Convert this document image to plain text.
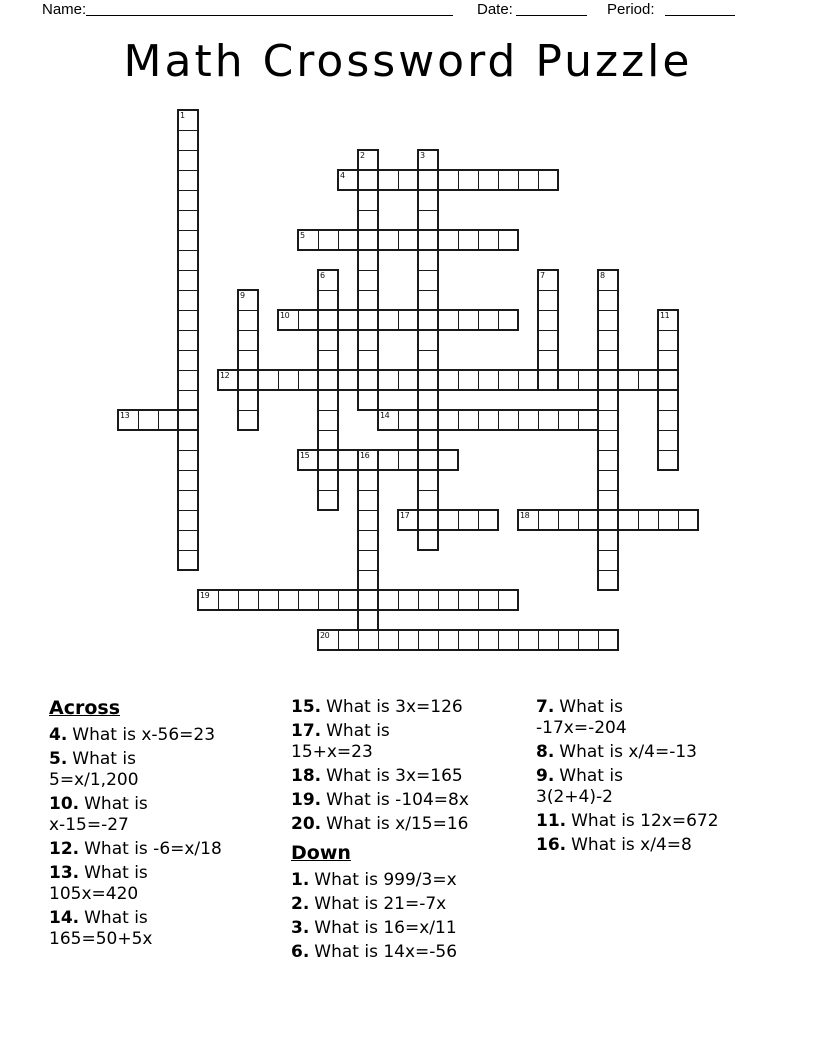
Name:	Date:	Period:
Math Crossword Puzzle
1
2	3
4
5
6	7	8
9
10	11
12
13	14
15	16
17	18
19
20
Across
4. What is x-56=23
5. What is
5=x/1,200
10. What is
x-15=-27
12. What is -6=x/18
13. What is
105x=420
14. What is
165=50+5x
15. What is 3x=126
17. What is
15+x=23
18. What is 3x=165
19. What is -104=8x
20. What is x/15=16
Down
1. What is 999/3=x
2. What is 21=-7x
3. What is 16=x/11
6. What is 14x=-56
7. What is
-17x=-204
8. What is x/4=-13
9. What is
3(2+4)-2
11. What is 12x=672
16. What is x/4=8
